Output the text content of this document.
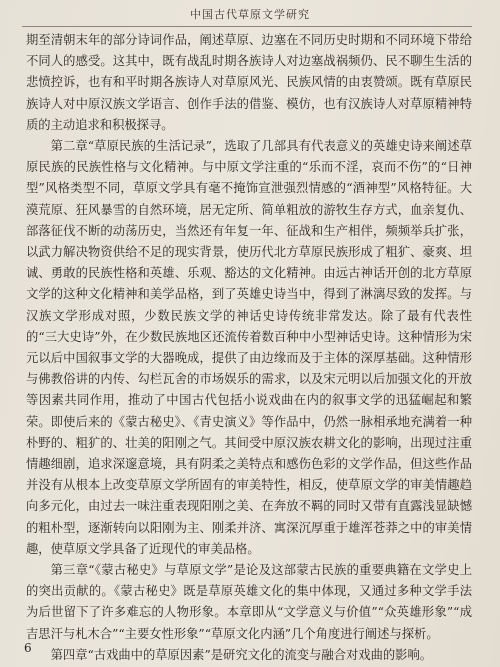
中国古代草原文学研究

期至清朝末年的部分诗词作品，阐述草原、边塞在不同历史时期和不同环境下带给不同人的感受。这其中，既有战乱时期各族诗人对边塞战祸频仍、民不聊生生活的悲愤控诉，也有和平时期各族诗人对草原风光、民族风情的由衷赞颂。既有草原民族诗人对中原汉族文学语言、创作手法的借鉴、模仿，也有汉族诗人对草原精神特质的主动追求和积极探寻。

第二章“草原民族的生活记录”，选取了几部具有代表意义的英雄史诗来阐述草原民族的民族性格与文化精神。与中原文学注重的“乐而不淫，哀而不伤”的“日神型”风格类型不同，草原文学具有毫不掩饰宣泄强烈情感的“酒神型”风格特征。大漠荒原、狂风暴雪的自然环境，居无定所、简单粗放的游牧生存方式，血亲复仇、部落征伐不断的动荡历史，当然还有年复一年、征战和生产相伴，频频举兵扩张，以武力解决物资供给不足的现实背景，使历代北方草原民族形成了粗犷、豪爽、坦诚、勇敢的民族性格和英雄、乐观、豁达的文化精神。由远古神话开创的北方草原文学的这种文化精神和美学品格，到了英雄史诗当中，得到了淋漓尽致的发挥。与汉族文学形成对照，少数民族文学的神话史诗传统非常发达。除了最有代表性的“三大史诗”外，在少数民族地区还流传着数百种中小型神话史诗。这种情形为宋元以后中国叙事文学的大器晚成，提供了由边缘而及于主体的深厚基础。这种情形与佛教俗讲的内传、勾栏瓦舍的市场娱乐的需求，以及宋元明以后加强文化的开放等因素共同作用，推动了中国古代包括小说戏曲在内的叙事文学的迅猛崛起和繁荣。即使后来的《蒙古秘史》、《青史演义》等作品中，仍然一脉相承地充满着一种朴野的、粗犷的、壮美的阳刚之气。其间受中原汉族农耕文化的影响，出现过注重情趣细剧，追求深邃意境，具有阴柔之美特点和感伤色彩的文学作品，但这些作品并没有从根本上改变草原文学所固有的审美特性，相反，使草原文学的审美情趣趋向多元化，由过去一味注重表现阳刚之美、在奔放不羁的同时又带有直露浅显缺憾的粗朴型，逐渐转向以阳刚为主、刚柔并济、寓深沉厚重于雄浑苍莽之中的审美情趣，使草原文学具备了近现代的审美品格。

第三章“《蒙古秘史》与草原文学”是论及这部蒙古民族的重要典籍在文学史上的突出贡献的。《蒙古秘史》既是草原英雄文化的集中体现，又通过多种文学手法为后世留下了许多难忘的人物形象。本章即从“文学意义与价值”“众英雄形象”“成吉思汗与札木合”“主要女性形象”“草原文化内涵”几个角度进行阐述与探析。

第四章“古戏曲中的草原因素”是研究文化的流变与融合对戏曲的影响。

6
